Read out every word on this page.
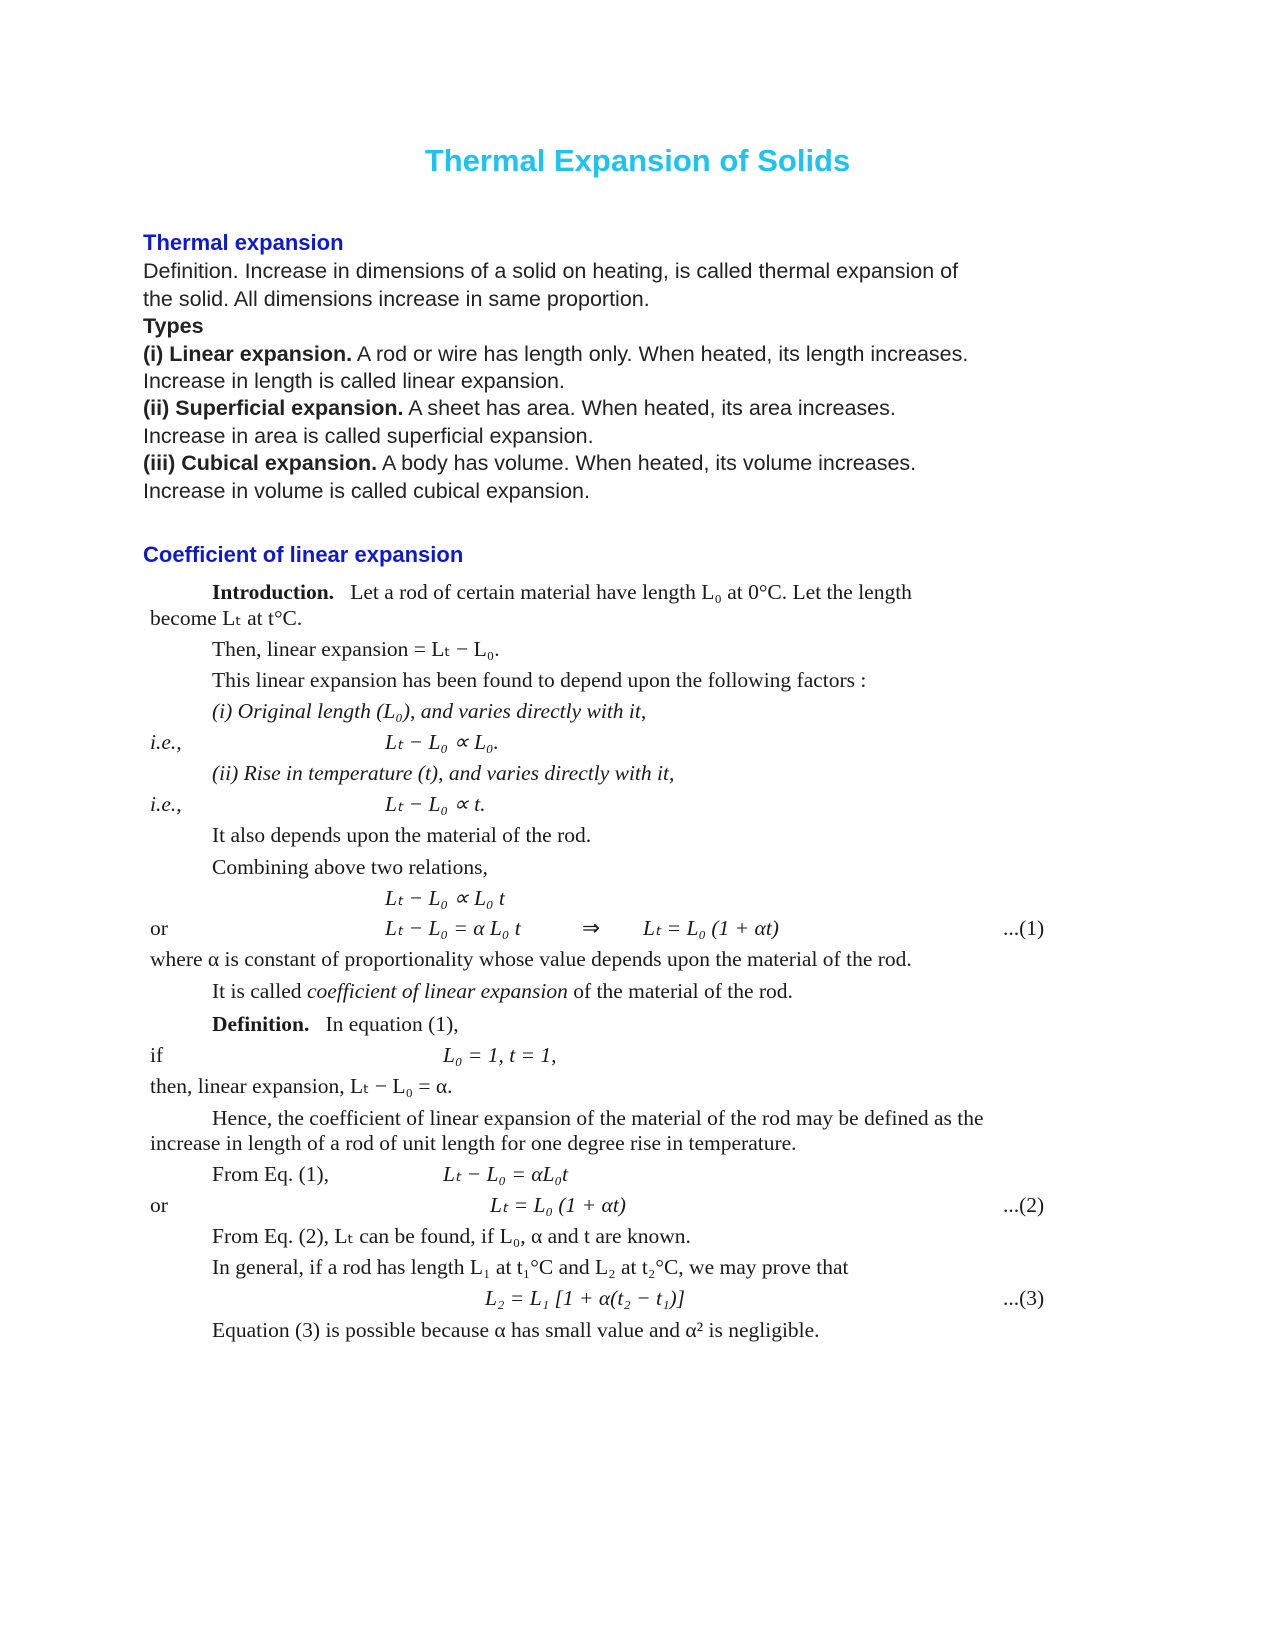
Thermal Expansion of Solids
Thermal expansion
Definition. Increase in dimensions of a solid on heating, is called thermal expansion of
the solid. All dimensions increase in same proportion.
Types
(i) Linear expansion. A rod or wire has length only. When heated, its length increases.
Increase in length is called linear expansion.
(ii) Superficial expansion. A sheet has area. When heated, its area increases.
Increase in area is called superficial expansion.
(iii) Cubical expansion. A body has volume. When heated, its volume increases.
Increase in volume is called cubical expansion.
Coefficient of linear expansion
Introduction. Let a rod of certain material have length L₀ at 0°C. Let the length
become Lₜ at t°C.
Then, linear expansion = Lₜ − L₀.
This linear expansion has been found to depend upon the following factors :
(i) Original length (L₀), and varies directly with it,
i.e.,	Lₜ − L₀ ∝ L₀.
(ii) Rise in temperature (t), and varies directly with it,
i.e.,	Lₜ − L₀ ∝ t.
It also depends upon the material of the rod.
Combining above two relations,
Lₜ − L₀ ∝ L₀ t
or	Lₜ − L₀ = α L₀ t	⇒ Lₜ = L₀ (1 + αt)	...(1)
where α is constant of proportionality whose value depends upon the material of the rod.
It is called coefficient of linear expansion of the material of the rod.
Definition. In equation (1),
if	L₀ = 1, t = 1,
then, linear expansion, Lₜ − L₀ = α.
Hence, the coefficient of linear expansion of the material of the rod may be defined as the
increase in length of a rod of unit length for one degree rise in temperature.
From Eq. (1),	Lₜ − L₀ = αL₀t
or	Lₜ = L₀ (1 + αt)	...(2)
From Eq. (2), Lₜ can be found, if L₀, α and t are known.
In general, if a rod has length L₁ at t₁°C and L₂ at t₂°C, we may prove that
L₂ = L₁ [1 + α(t₂ − t₁)]	...(3)
Equation (3) is possible because α has small value and α² is negligible.
